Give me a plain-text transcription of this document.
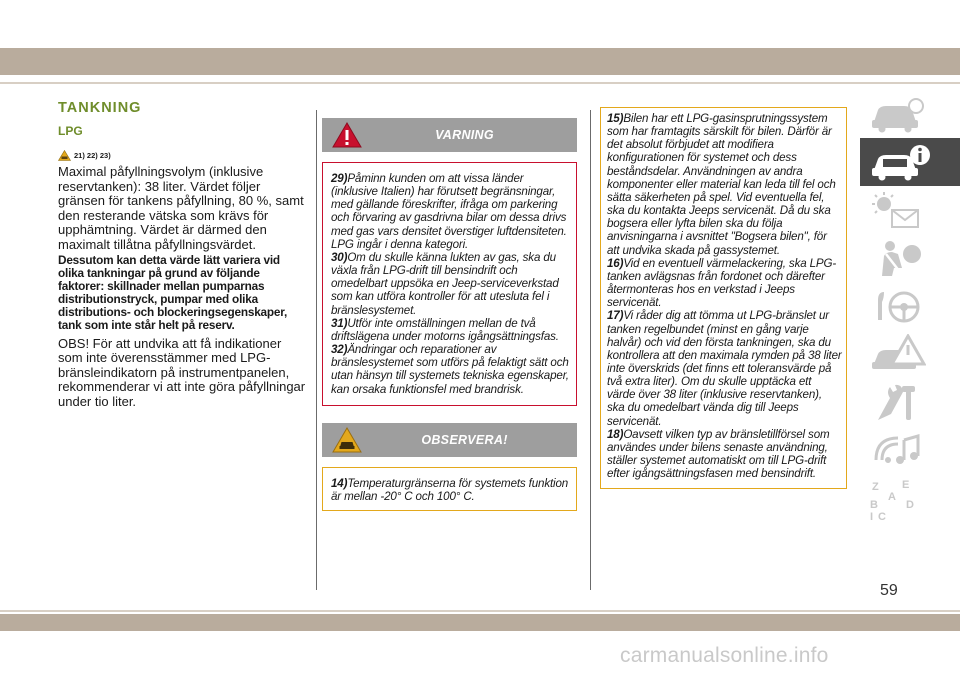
TANKNING
LPG
21) 22) 23)

Maximal påfyllningsvolym (inklusive reservtanken): 38 liter. Värdet följer gränsen för tankens påfyllning, 80 %, samt den resterande vätska som krävs för upphämtning. Värdet är därmed den maximalt tillåtna påfyllningsvärdet.

Dessutom kan detta värde lätt variera vid olika tankningar på grund av följande faktorer: skillnader mellan pumparnas distributionstryck, pumpar med olika distributions- och blockeringsegenskaper, tank som inte står helt på reserv.

OBS! För att undvika att få indikationer som inte överensstämmer med LPG-bränsleindikatorn på instrumentpanelen, rekommenderar vi att inte göra påfyllningar under tio liter.

VARNING

29)Påminn kunden om att vissa länder (inklusive Italien) har förutsett begränsningar, med gällande föreskrifter, ifråga om parkering och förvaring av gasdrivna bilar om dessa drivs med gas vars densitet överstiger luftdensiteten. LPG ingår i denna kategori.

30)Om du skulle känna lukten av gas, ska du växla från LPG-drift till bensindrift och omedelbart uppsöka en Jeep-serviceverkstad som kan utföra kontroller för att utesluta fel i bränslesystemet.

31)Utför inte omställningen mellan de två driftslägena under motorns igångsättningsfas.

32)Ändringar och reparationer av bränslesystemet som utförs på felaktigt sätt och utan hänsyn till systemets tekniska egenskaper, kan orsaka funktionsfel med brandrisk.

OBSERVERA!

14)Temperaturgränserna för systemets funktion är mellan -20° C och 100° C.

15)Bilen har ett LPG-gasinsprutningssystem som har framtagits särskilt för bilen. Därför är det absolut förbjudet att modifiera konfigurationen för systemet och dess beståndsdelar. Användningen av andra komponenter eller material kan leda till fel och sätta säkerheten på spel. Vid eventuella fel, ska du kontakta Jeeps servicenät. Då du ska bogsera eller lyfta bilen ska du följa anvisningarna i avsnittet "Bogsera bilen", för att undvika skada på gassystemet.

16)Vid en eventuell värmelackering, ska LPG-tanken avlägsnas från fordonet och därefter återmonteras hos en verkstad i Jeeps servicenät.

17)Vi råder dig att tömma ut LPG-bränslet ur tanken regelbundet (minst en gång varje halvår) och vid den första tankningen, ska du kontrollera att den maximala rymden på 38 liter inte överskrids (det finns ett toleransvärde på två extra liter). Om du skulle upptäcka ett värde över 38 liter (inklusive reservtanken), ska du omedelbart vända dig till Jeeps servicenät.

18)Oavsett vilken typ av bränsletillförsel som användes under bilens senaste användning, ställer systemet automatiskt om till LPG-drift efter igångsättningsfasen med bensindrift.

Z E
A
B
C
D
I
59
carmanualsonline.info
